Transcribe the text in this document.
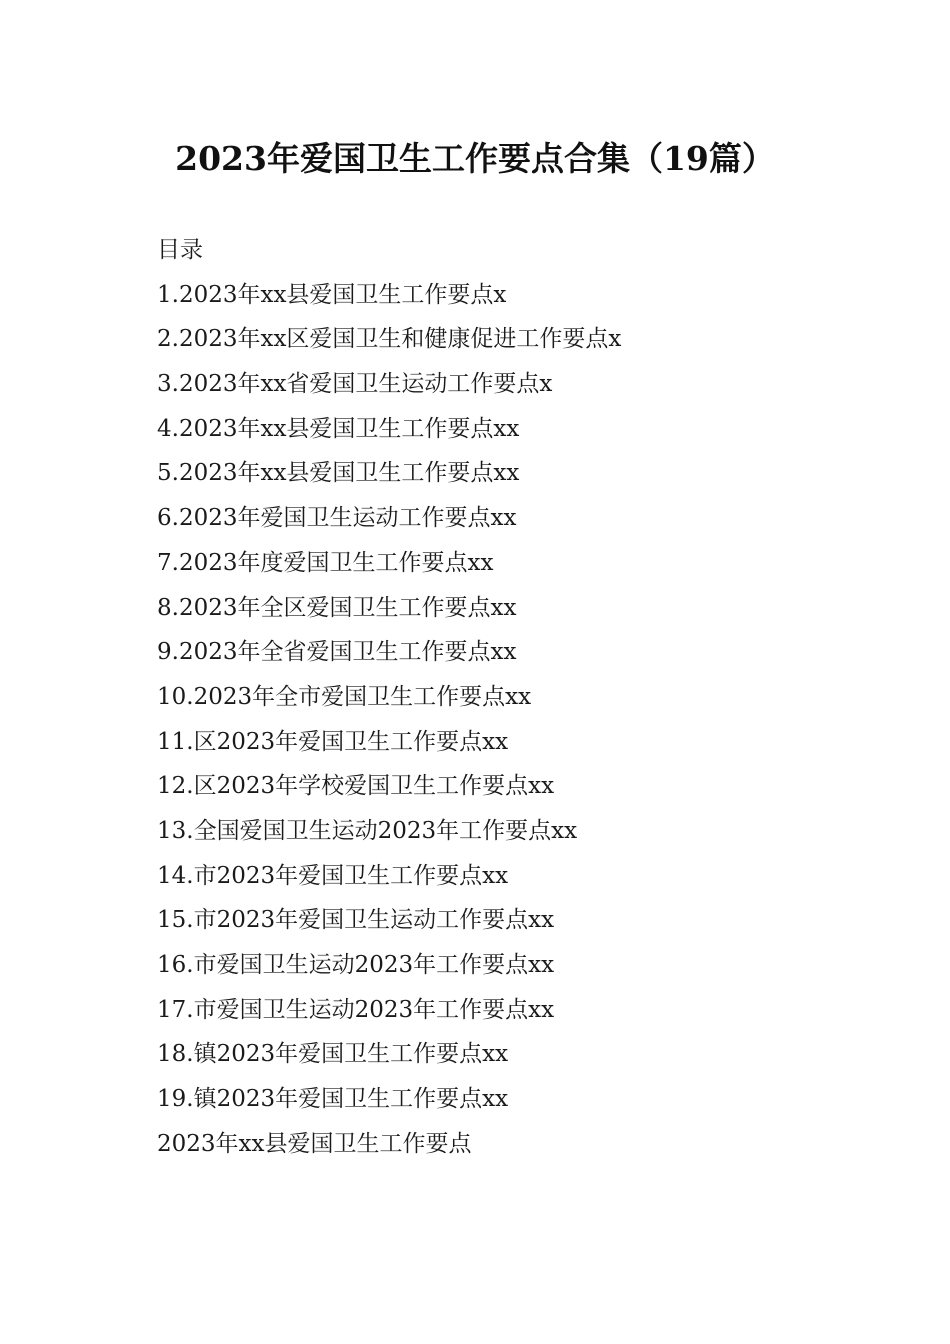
2023年爱国卫生工作要点合集（19篇）
目录
1.2023年xx县爱国卫生工作要点x
2.2023年xx区爱国卫生和健康促进工作要点x
3.2023年xx省爱国卫生运动工作要点x
4.2023年xx县爱国卫生工作要点xx
5.2023年xx县爱国卫生工作要点xx
6.2023年爱国卫生运动工作要点xx
7.2023年度爱国卫生工作要点xx
8.2023年全区爱国卫生工作要点xx
9.2023年全省爱国卫生工作要点xx
10.2023年全市爱国卫生工作要点xx
11.区2023年爱国卫生工作要点xx
12.区2023年学校爱国卫生工作要点xx
13.全国爱国卫生运动2023年工作要点xx
14.市2023年爱国卫生工作要点xx
15.市2023年爱国卫生运动工作要点xx
16.市爱国卫生运动2023年工作要点xx
17.市爱国卫生运动2023年工作要点xx
18.镇2023年爱国卫生工作要点xx
19.镇2023年爱国卫生工作要点xx
2023年xx县爱国卫生工作要点
